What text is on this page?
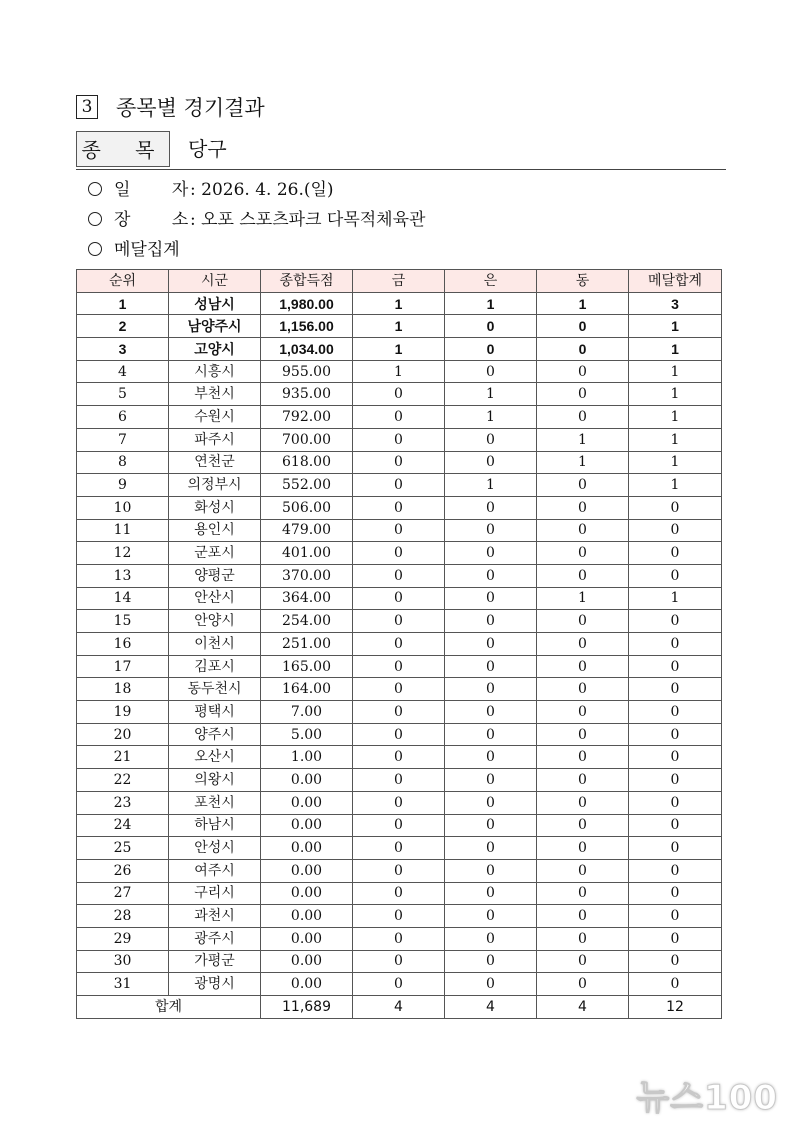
3 종목별 경기결과
종 목 당구
일 자: 2026. 4. 26.(일)
장 소: 오포 스포츠파크 다목적체육관
메달집계
순위	시군	종합득점	금	은	동	메달합계
1	성남시	1,980.00	1	1	1	3
2	남양주시	1,156.00	1	0	0	1
3	고양시	1,034.00	1	0	0	1
4	시흥시	955.00	1	0	0	1
5	부천시	935.00	0	1	0	1
6	수원시	792.00	0	1	0	1
7	파주시	700.00	0	0	1	1
8	연천군	618.00	0	0	1	1
9	의정부시	552.00	0	1	0	1
10	화성시	506.00	0	0	0	0
11	용인시	479.00	0	0	0	0
12	군포시	401.00	0	0	0	0
13	양평군	370.00	0	0	0	0
14	안산시	364.00	0	0	1	1
15	안양시	254.00	0	0	0	0
16	이천시	251.00	0	0	0	0
17	김포시	165.00	0	0	0	0
18	동두천시	164.00	0	0	0	0
19	평택시	7.00	0	0	0	0
20	양주시	5.00	0	0	0	0
21	오산시	1.00	0	0	0	0
22	의왕시	0.00	0	0	0	0
23	포천시	0.00	0	0	0	0
24	하남시	0.00	0	0	0	0
25	안성시	0.00	0	0	0	0
26	여주시	0.00	0	0	0	0
27	구리시	0.00	0	0	0	0
28	과천시	0.00	0	0	0	0
29	광주시	0.00	0	0	0	0
30	가평군	0.00	0	0	0	0
31	광명시	0.00	0	0	0	0
합계		11,689	4	4	4	12
뉴스100
